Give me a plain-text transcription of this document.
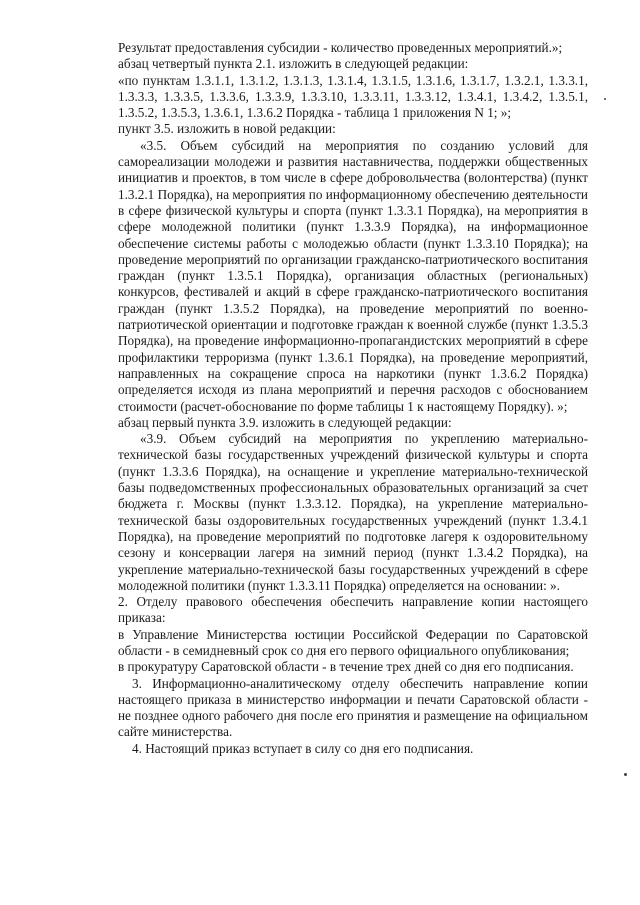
Результат предоставления субсидии - количество проведенных мероприятий.»;

абзац четвертый пункта 2.1. изложить в следующей редакции:

«по пунктам 1.3.1.1, 1.3.1.2, 1.3.1.3, 1.3.1.4, 1.3.1.5, 1.3.1.6, 1.3.1.7, 1.3.2.1, 1.3.3.1, 1.3.3.3, 1.3.3.5, 1.3.3.6, 1.3.3.9, 1.3.3.10, 1.3.3.11, 1.3.3.12, 1.3.4.1, 1.3.4.2, 1.3.5.1, 1.3.5.2, 1.3.5.3, 1.3.6.1, 1.3.6.2 Порядка - таблица 1 приложения N 1; »;

пункт 3.5. изложить в новой редакции:

«3.5. Объем субсидий на мероприятия по созданию условий для самореализации молодежи и развития наставничества, поддержки общественных инициатив и проектов, в том числе в сфере добровольчества (волонтерства) (пункт 1.3.2.1 Порядка), на мероприятия по информационному обеспечению деятельности в сфере физической культуры и спорта (пункт 1.3.3.1 Порядка), на мероприятия в сфере молодежной политики (пункт 1.3.3.9 Порядка), на информационное обеспечение системы работы с молодежью области (пункт 1.3.3.10 Порядка); на проведение мероприятий по организации гражданско-патриотического воспитания граждан (пункт 1.3.5.1 Порядка), организация областных (региональных) конкурсов, фестивалей и акций в сфере гражданско-патриотического воспитания граждан (пункт 1.3.5.2 Порядка), на проведение мероприятий по военно-патриотической ориентации и подготовке граждан к военной службе (пункт 1.3.5.3 Порядка), на проведение информационно-пропагандистских мероприятий в сфере профилактики терроризма (пункт 1.3.6.1 Порядка), на проведение мероприятий, направленных на сокращение спроса на наркотики (пункт 1.3.6.2 Порядка) определяется исходя из плана мероприятий и перечня расходов с обоснованием стоимости (расчет-обоснование по форме таблицы 1 к настоящему Порядку). »;

абзац первый пункта 3.9. изложить в следующей редакции:

«3.9. Объем субсидий на мероприятия по укреплению материально-технической базы государственных учреждений физической культуры и спорта (пункт 1.3.3.6 Порядка), на оснащение и укрепление материально-технической базы подведомственных профессиональных образовательных организаций за счет бюджета г. Москвы (пункт 1.3.3.12. Порядка), на укрепление материально-технической базы оздоровительных государственных учреждений (пункт 1.3.4.1 Порядка), на проведение мероприятий по подготовке лагеря к оздоровительному сезону и консервации лагеря на зимний период (пункт 1.3.4.2 Порядка), на укрепление материально-технической базы государственных учреждений в сфере молодежной политики (пункт 1.3.3.11 Порядка) определяется на основании: ».

2. Отделу правового обеспечения обеспечить направление копии настоящего приказа:

в Управление Министерства юстиции Российской Федерации по Саратовской области - в семидневный срок со дня его первого официального опубликования;

в прокуратуру Саратовской области - в течение трех дней со дня его подписания.

3. Информационно-аналитическому отделу обеспечить направление копии настоящего приказа в министерство информации и печати Саратовской области - не позднее одного рабочего дня после его принятия и размещение на официальном сайте министерства.

4. Настоящий приказ вступает в силу со дня его подписания.
